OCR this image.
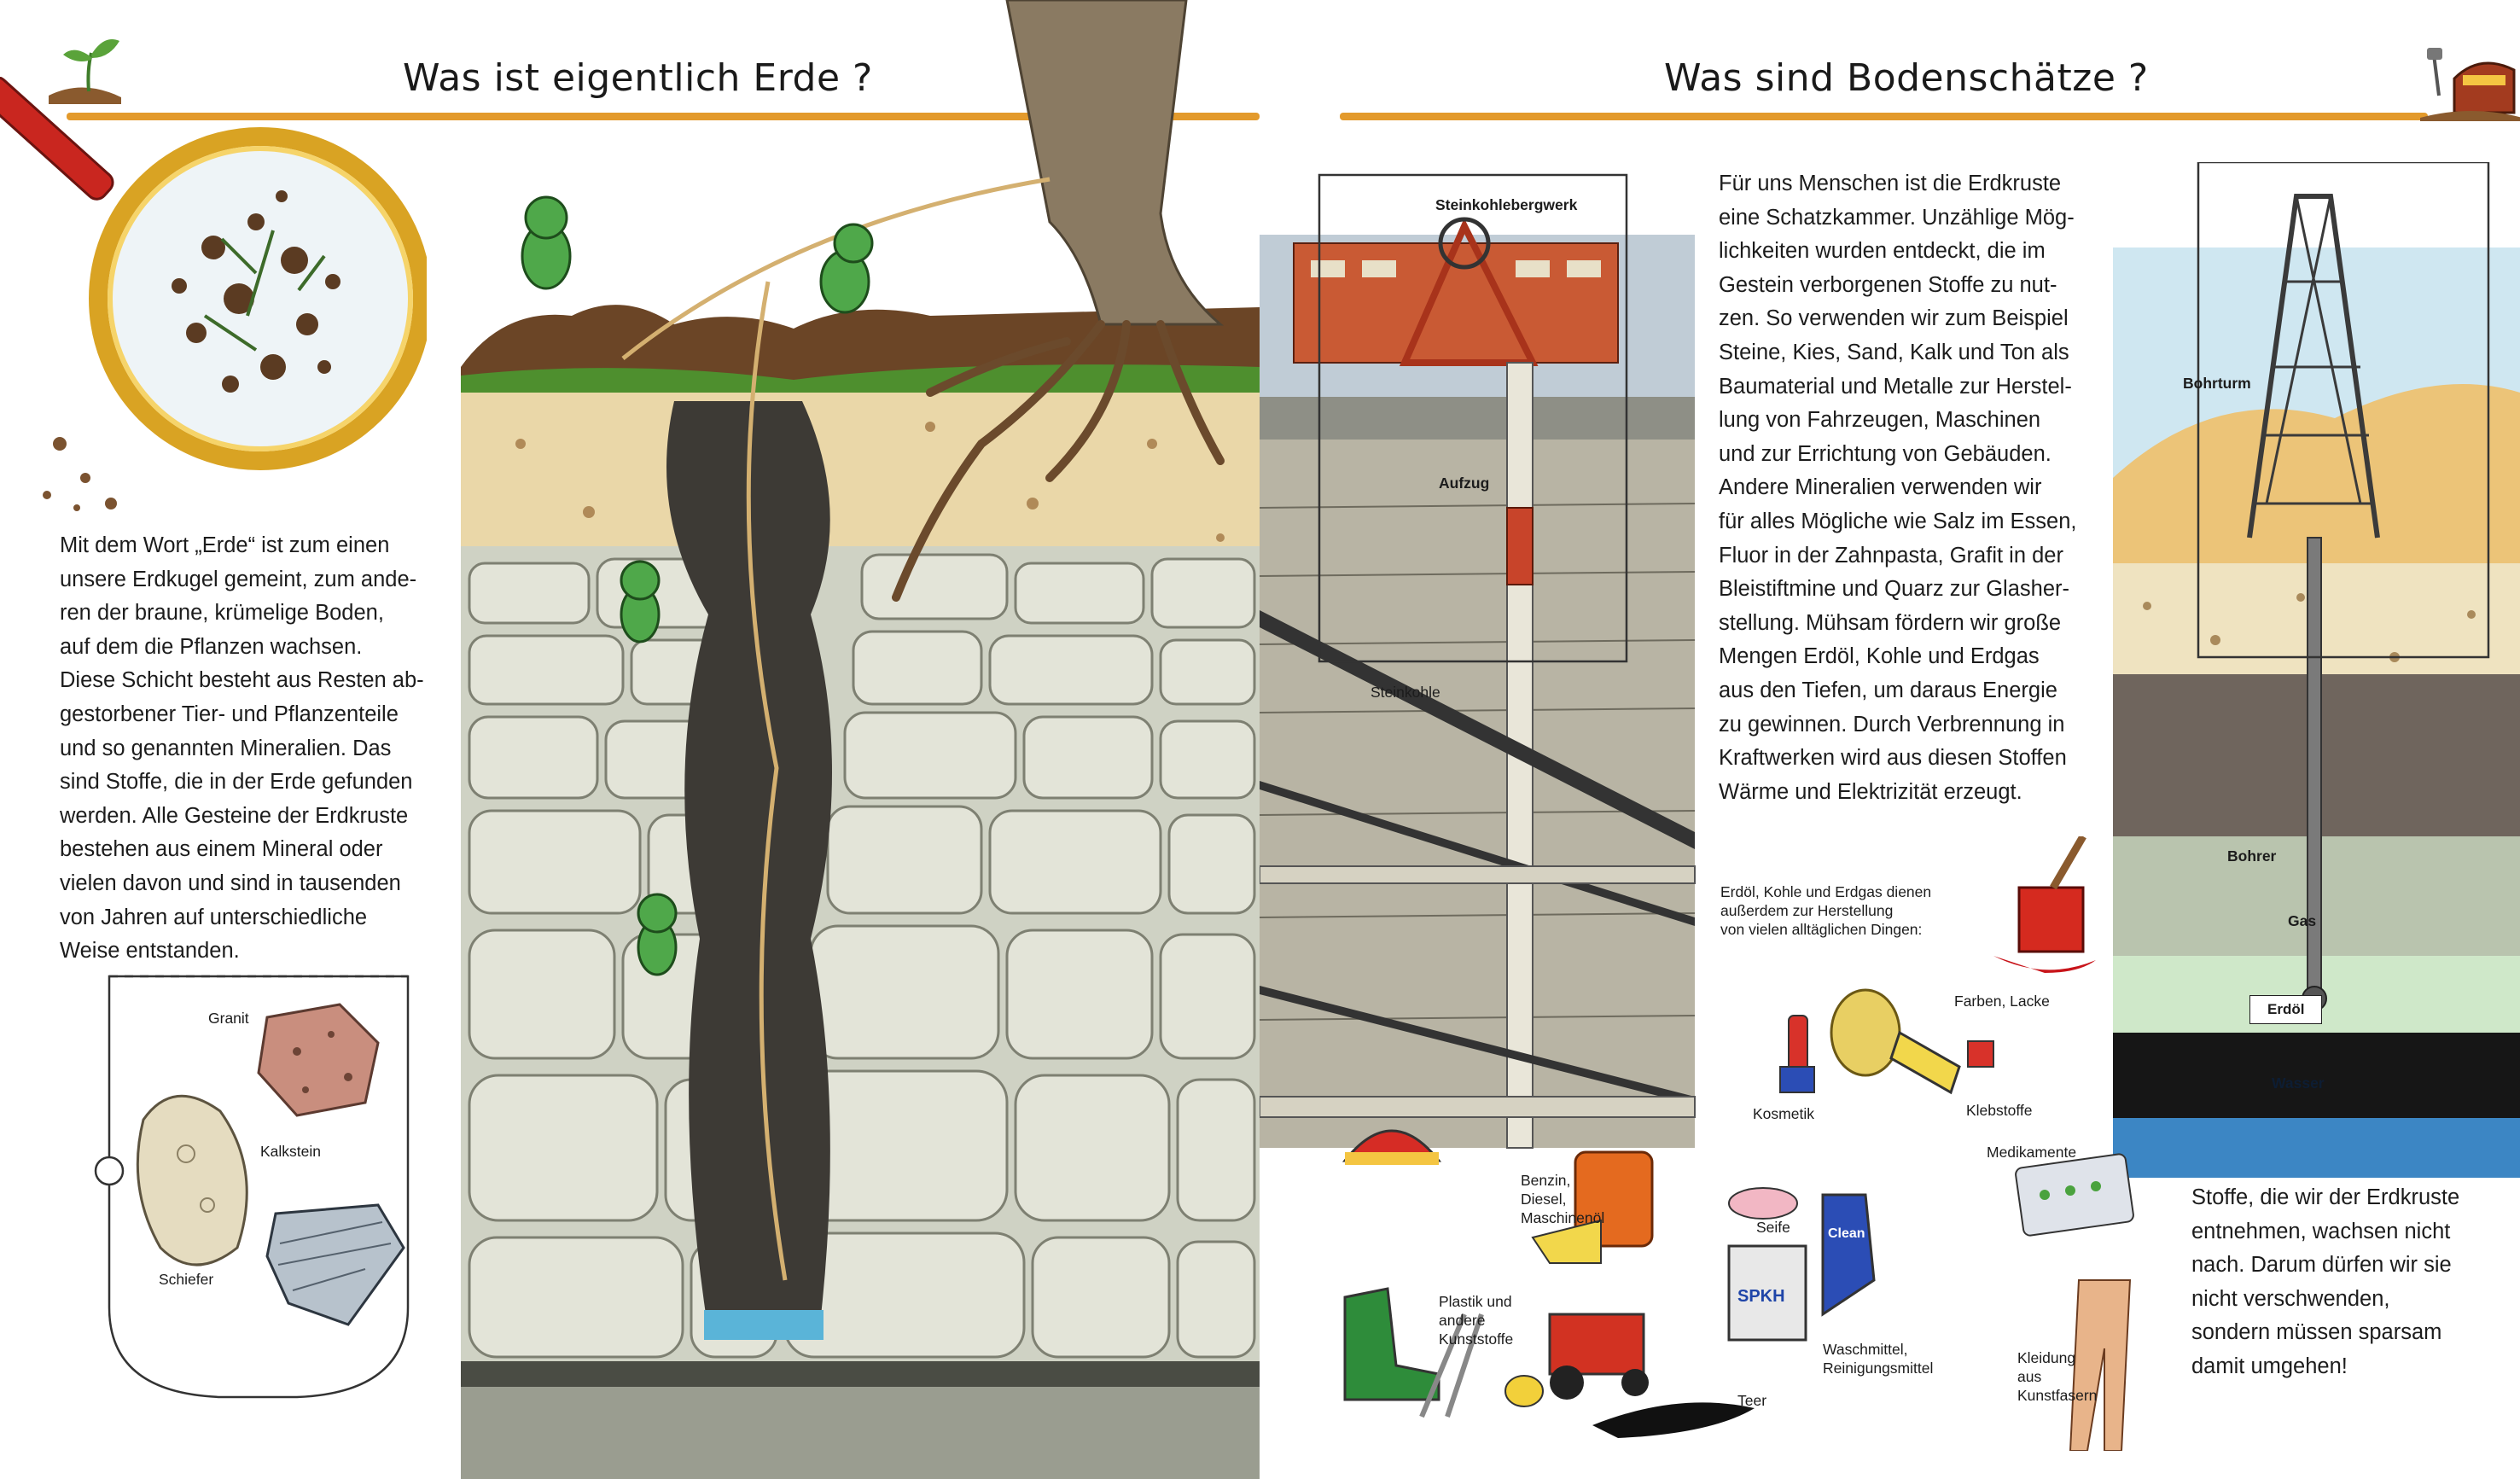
Was ist eigentlich Erde ?
Mit dem Wort „Erde“ ist zum einen
unsere Erdkugel gemeint, zum ande-
ren der braune, krümelige Boden,
auf dem die Pflanzen wachsen.
Diese Schicht besteht aus Resten ab-
gestorbener Tier- und Pflanzenteile
und so genannten Mineralien. Das
sind Stoffe, die in der Erde gefunden
werden. Alle Gesteine der Erdkruste
bestehen aus einem Mineral oder
vielen davon und sind in tausenden
von Jahren auf unterschiedliche
Weise entstanden.
Granit
Kalkstein
Schiefer
Was sind Bodenschätze ?
Steinkohlebergwerk
Aufzug
Steinkohle
Für uns Menschen ist die Erdkruste
eine Schatzkammer. Unzählige Mög-
lichkeiten wurden entdeckt, die im
Gestein verborgenen Stoffe zu nut-
zen. So verwenden wir zum Beispiel
Steine, Kies, Sand, Kalk und Ton als
Baumaterial und Metalle zur Herstel-
lung von Fahrzeugen, Maschinen
und zur Errichtung von Gebäuden.
Andere Mineralien verwenden wir
für alles Mögliche wie Salz im Essen,
Fluor in der Zahnpasta, Grafit in der
Bleistiftmine und Quarz zur Glasher-
stellung. Mühsam fördern wir große
Mengen Erdöl, Kohle und Erdgas
aus den Tiefen, um daraus Energie
zu gewinnen. Durch Verbrennung in
Kraftwerken wird aus diesen Stoffen
Wärme und Elektrizität erzeugt.
Bohrturm
Bohrer
Gas
Erdöl
Wasser
Erdöl, Kohle und Erdgas dienen
außerdem zur Herstellung
von vielen alltäglichen Dingen:
SPKH
Clean
Farben, Lacke
Kosmetik	Klebstoffe
Medikamente
Benzin,
Diesel,
Maschinenöl
Seife
Plastik und
andere
Kunststoffe
Waschmittel,
Reinigungsmittel
Kleidung
aus
Kunstfasern
Teer
Stoffe, die wir der Erdkruste
entnehmen, wachsen nicht
nach. Darum dürfen wir sie
nicht verschwenden,
sondern müssen sparsam
damit umgehen!
